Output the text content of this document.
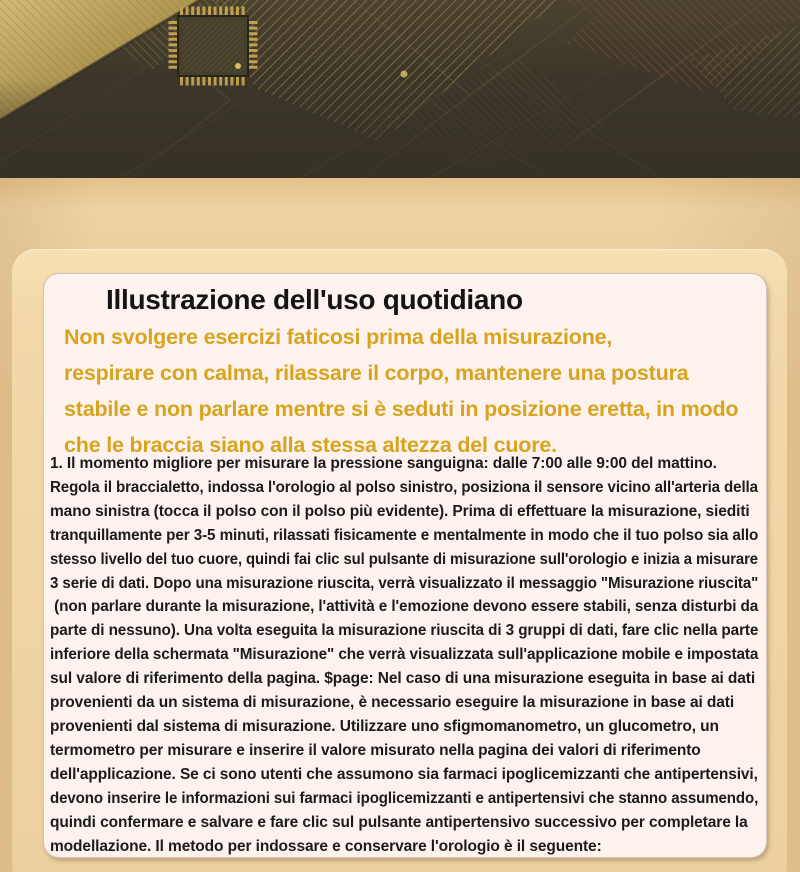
Illustrazione dell'uso quotidiano
Non svolgere esercizi faticosi prima della misurazione,
respirare con calma, rilassare il corpo, mantenere una postura
stabile e non parlare mentre si è seduti in posizione eretta, in modo
che le braccia siano alla stessa altezza del cuore.
1. Il momento migliore per misurare la pressione sanguigna: dalle 7:00 alle 9:00 del mattino.
Regola il braccialetto, indossa l'orologio al polso sinistro, posiziona il sensore vicino all'arteria della
mano sinistra (tocca il polso con il polso più evidente). Prima di effettuare la misurazione, siediti
tranquillamente per 3-5 minuti, rilassati fisicamente e mentalmente in modo che il tuo polso sia allo
stesso livello del tuo cuore, quindi fai clic sul pulsante di misurazione sull'orologio e inizia a misurare
3 serie di dati. Dopo una misurazione riuscita, verrà visualizzato il messaggio "Misurazione riuscita"
(non parlare durante la misurazione, l'attività e l'emozione devono essere stabili, senza disturbi da
parte di nessuno). Una volta eseguita la misurazione riuscita di 3 gruppi di dati, fare clic nella parte
inferiore della schermata "Misurazione" che verrà visualizzata sull'applicazione mobile e impostata
sul valore di riferimento della pagina. $page: Nel caso di una misurazione eseguita in base ai dati
provenienti da un sistema di misurazione, è necessario eseguire la misurazione in base ai dati
provenienti dal sistema di misurazione. Utilizzare uno sfigmomanometro, un glucometro, un
termometro per misurare e inserire il valore misurato nella pagina dei valori di riferimento
dell'applicazione. Se ci sono utenti che assumono sia farmaci ipoglicemizzanti che antipertensivi,
devono inserire le informazioni sui farmaci ipoglicemizzanti e antipertensivi che stanno assumendo,
quindi confermare e salvare e fare clic sul pulsante antipertensivo successivo per completare la
modellazione. Il metodo per indossare e conservare l'orologio è il seguente:
